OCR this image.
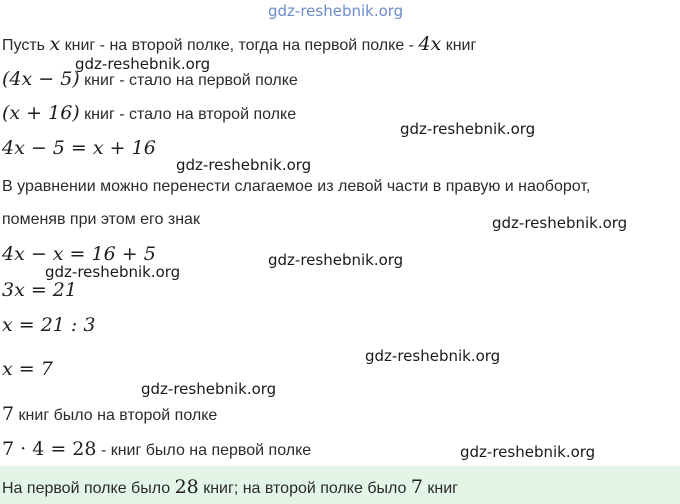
gdz-reshebnik.org
gdz-reshebnik.org
gdz-reshebnik.org
gdz-reshebnik.org
gdz-reshebnik.org
gdz-reshebnik.org
gdz-reshebnik.org
gdz-reshebnik.org
gdz-reshebnik.org
gdz-reshebnik.org
Пусть x книг - на второй полке, тогда на первой полке - 4x книг
(4x − 5) книг - стало на первой полке
(x + 16) книг - стало на второй полке
4x − 5 = x + 16
В уравнении можно перенести слагаемое из левой части в правую и наоборот,
поменяв при этом его знак
4x − x = 16 + 5
3x = 21
x = 21 : 3
x = 7
7 книг было на второй полке
7 · 4 = 28 - книг было на первой полке
На первой полке было 28 книг; на второй полке было 7 книг
